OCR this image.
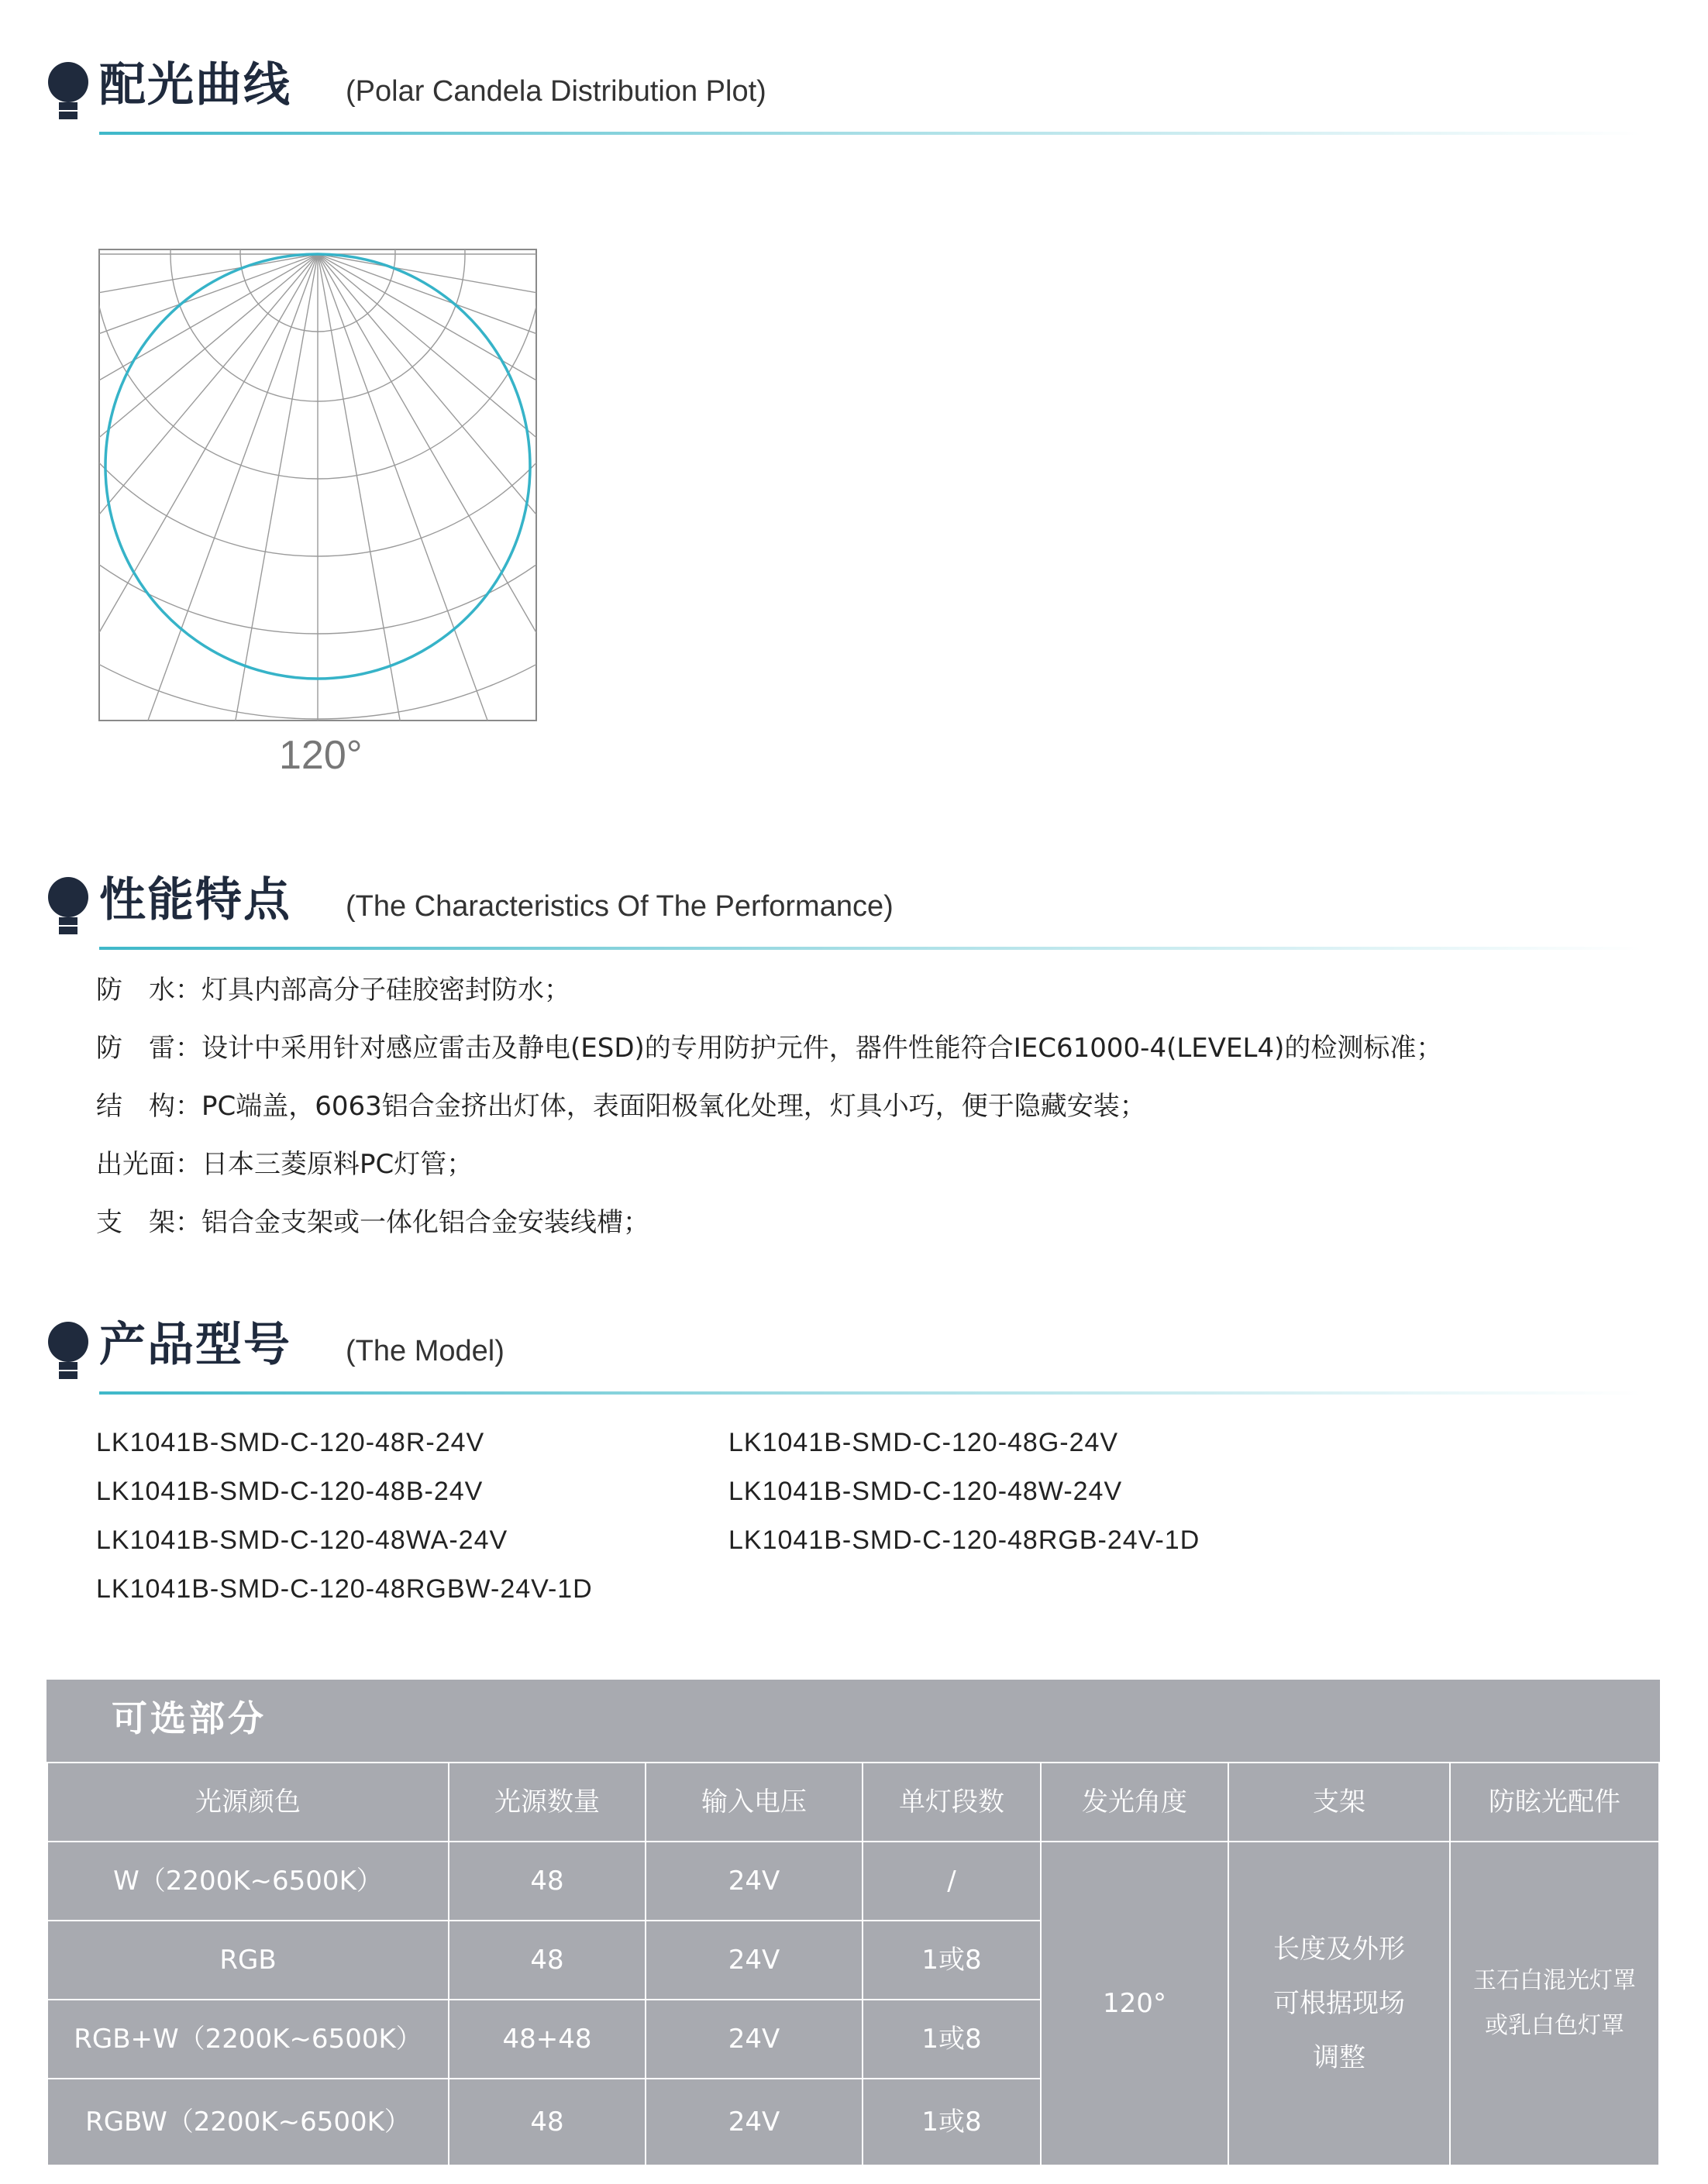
配光曲线 (Polar Candela Distribution Plot)
120°
性能特点 (The Characteristics Of The Performance)
防　水：灯具内部高分子硅胶密封防水；
防　雷：设计中采用针对感应雷击及静电(ESD)的专用防护元件，器件性能符合IEC61000-4(LEVEL4)的检测标准；
结　构：PC端盖，6063铝合金挤出灯体，表面阳极氧化处理，灯具小巧，便于隐藏安装；
出光面：日本三菱原料PC灯管；
支　架：铝合金支架或一体化铝合金安装线槽；
产品型号 (The Model)
LK1041B-SMD-C-120-48R-24V
LK1041B-SMD-C-120-48B-24V
LK1041B-SMD-C-120-48WA-24V
LK1041B-SMD-C-120-48RGBW-24V-1D
LK1041B-SMD-C-120-48G-24V
LK1041B-SMD-C-120-48W-24V
LK1041B-SMD-C-120-48RGB-24V-1D
可选部分
光源颜色	光源数量	输入电压	单灯段数	发光角度	支架	防眩光配件
W（2200K~6500K）	48	24V	/
RGB	48	24V	1或8
RGB+W（2200K~6500K）	48+48	24V	1或8
RGBW（2200K~6500K）	48	24V	1或8
120°
长度及外形
可根据现场
调整
玉石白混光灯罩
或乳白色灯罩
